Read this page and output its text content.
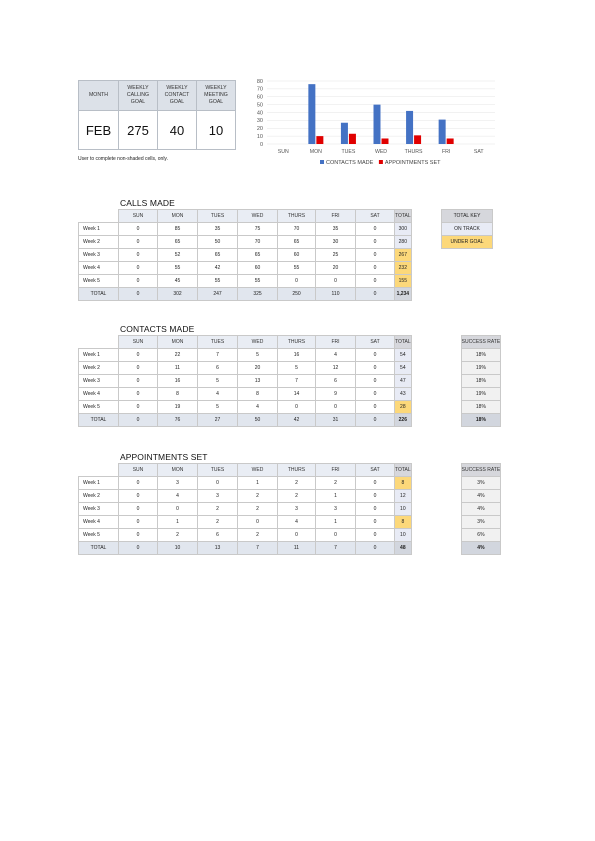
MONTH	WEEKLY CALLING GOAL	WEEKLY CONTACT GOAL	WEEKLY MEETING GOAL
FEB	275	40	10
User to complete non-shaded cells, only.
0
10
20
30
40
50
60
70
80
SUN	MON	TUES	WED	THURS	FRI	SAT
CONTACTS MADE APPOINTMENTS SET
CALLS MADE
	SUN	MON	TUES	WED	THURS	FRI	SAT	TOTAL
Week 1	0	85	35	75	70	35	0	300
Week 2	0	65	50	70	65	30	0	280
Week 3	0	52	65	65	60	25	0	267
Week 4	0	55	42	60	55	20	0	232
Week 5	0	45	55	55	0	0	0	155
TOTAL	0	302	247	325	250	110	0	1,234
TOTAL KEY
ON TRACK
UNDER GOAL
CONTACTS MADE
	SUN	MON	TUES	WED	THURS	FRI	SAT	TOTAL		SUCCESS RATE
Week 1	0	22	7	5	16	4	0	54		18%
Week 2	0	11	6	20	5	12	0	54		19%
Week 3	0	16	5	13	7	6	0	47		18%
Week 4	0	8	4	8	14	9	0	43		19%
Week 5	0	19	5	4	0	0	0	28		18%
TOTAL	0	76	27	50	42	31	0	226		18%
APPOINTMENTS SET
	SUN	MON	TUES	WED	THURS	FRI	SAT	TOTAL		SUCCESS RATE
Week 1	0	3	0	1	2	2	0	8		3%
Week 2	0	4	3	2	2	1	0	12		4%
Week 3	0	0	2	2	3	3	0	10		4%
Week 4	0	1	2	0	4	1	0	8		3%
Week 5	0	2	6	2	0	0	0	10		6%
TOTAL	0	10	13	7	11	7	0	48		4%
